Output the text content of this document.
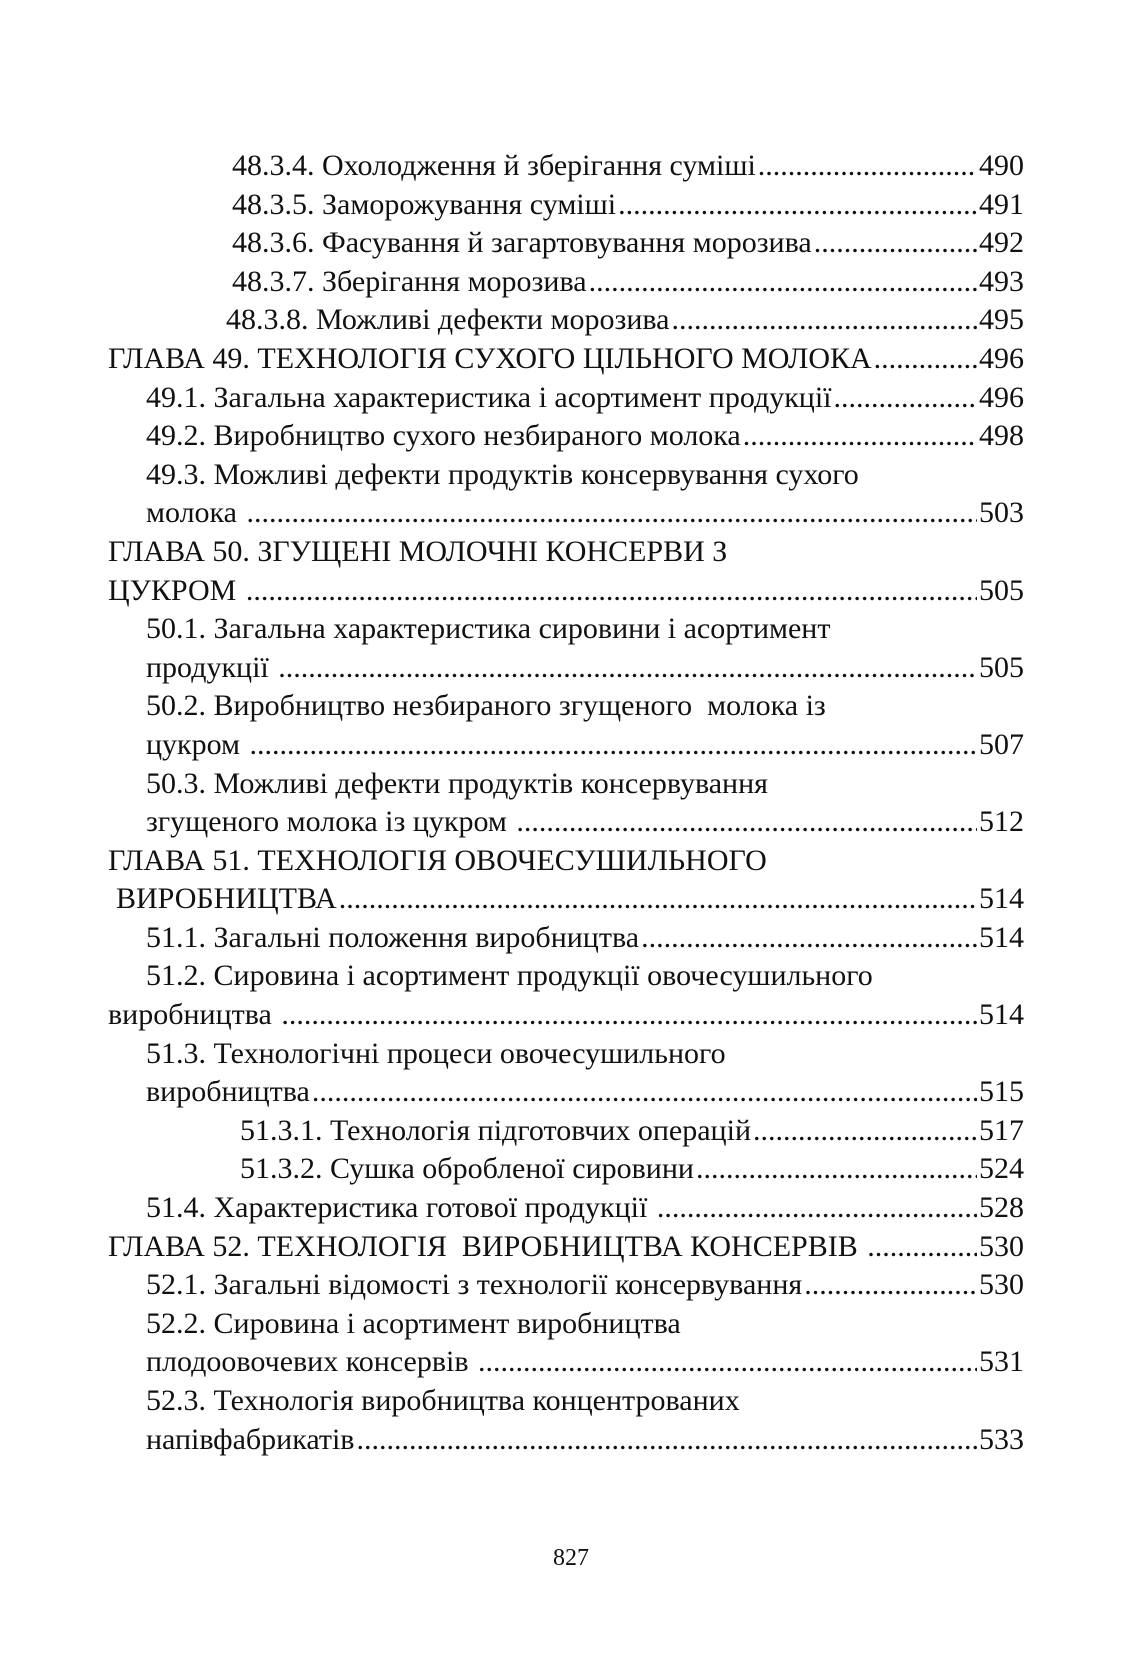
48.3.4. Охолодження й зберігання суміші .....	490
48.3.5. Заморожування суміші .....	491
48.3.6. Фасування й загартовування морозива .....	492
48.3.7. Зберігання морозива .....	493
48.3.8. Можливі дефекти морозива .....	495
ГЛАВА 49. ТЕХНОЛОГІЯ СУХОГО ЦІЛЬНОГО МОЛОКА .....	496
49.1. Загальна характеристика і асортимент продукції .....	496
49.2. Виробництво сухого незбираного молока .....	498
49.3. Можливі дефекти продуктів консервування сухого
молока .....	503
ГЛАВА 50. ЗГУЩЕНІ МОЛОЧНІ КОНСЕРВИ З
ЦУКРОМ .....	505
50.1. Загальна характеристика сировини і асортимент
продукції .....	505
50.2. Виробництво незбираного згущеного  молока із
цукром .....	507
50.3. Можливі дефекти продуктів консервування
згущеного молока із цукром .....	512
ГЛАВА 51. ТЕХНОЛОГІЯ ОВОЧЕСУШИЛЬНОГО
ВИРОБНИЦТВА .....	514
51.1. Загальні положення виробництва .....	514
51.2. Сировина і асортимент продукції овочесушильного
виробництва .....	514
51.3. Технологічні процеси овочесушильного
виробництва .....	515
51.3.1. Технологія підготовчих операцій .....	517
51.3.2. Сушка обробленої сировини .....	524
51.4. Характеристика готової продукції .....	528
ГЛАВА 52. ТЕХНОЛОГІЯ  ВИРОБНИЦТВА КОНСЕРВІВ .....	530
52.1. Загальні відомості з технології консервування .....	530
52.2. Сировина і асортимент виробництва
плодоовочевих консервів .....	531
52.3. Технологія виробництва концентрованих
напівфабрикатів .....	533
827
